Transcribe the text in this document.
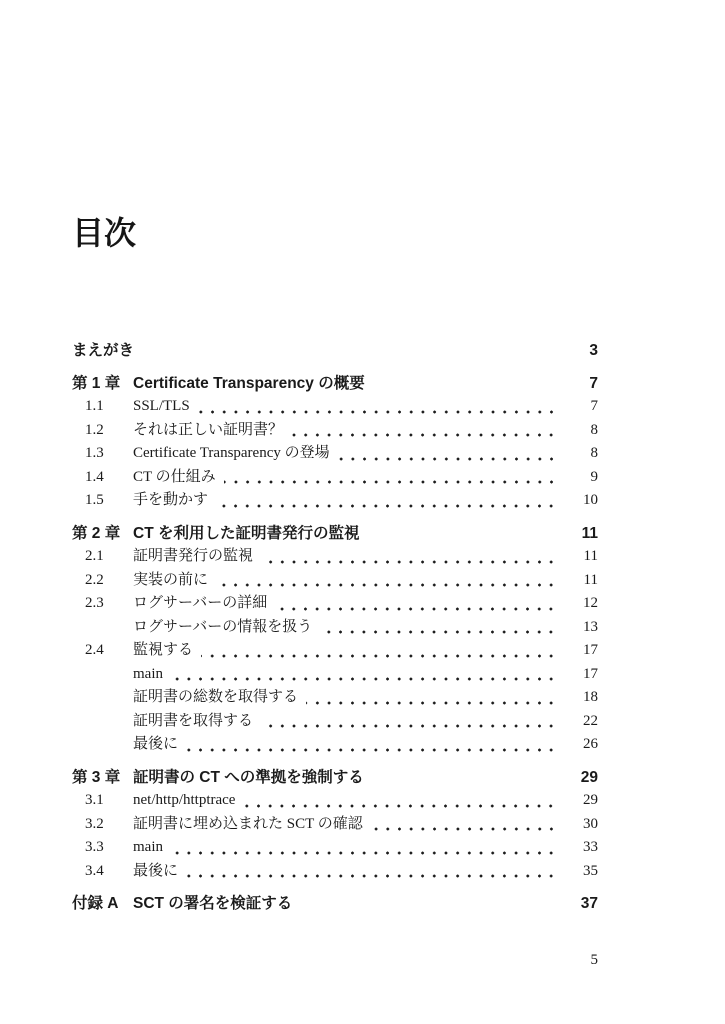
目次
まえがき	3
第 1 章 Certificate Transparency の概要	7
1.1	SSL/TLS	7
1.2	それは正しい証明書？	8
1.3	Certificate Transparency の登場	8
1.4	CT の仕組み	9
1.5	手を動かす	10
第 2 章 CT を利用した証明書発行の監視	11
2.1	証明書発行の監視	11
2.2	実装の前に	11
2.3	ログサーバーの詳細	12
ログサーバーの情報を扱う	13
2.4	監視する	17
main	17
証明書の総数を取得する	18
証明書を取得する	22
最後に	26
第 3 章 証明書の CT への準拠を強制する	29
3.1	net/http/httptrace	29
3.2	証明書に埋め込まれた SCT の確認	30
3.3	main	33
3.4	最後に	35
付録 A SCT の署名を検証する	37
5
